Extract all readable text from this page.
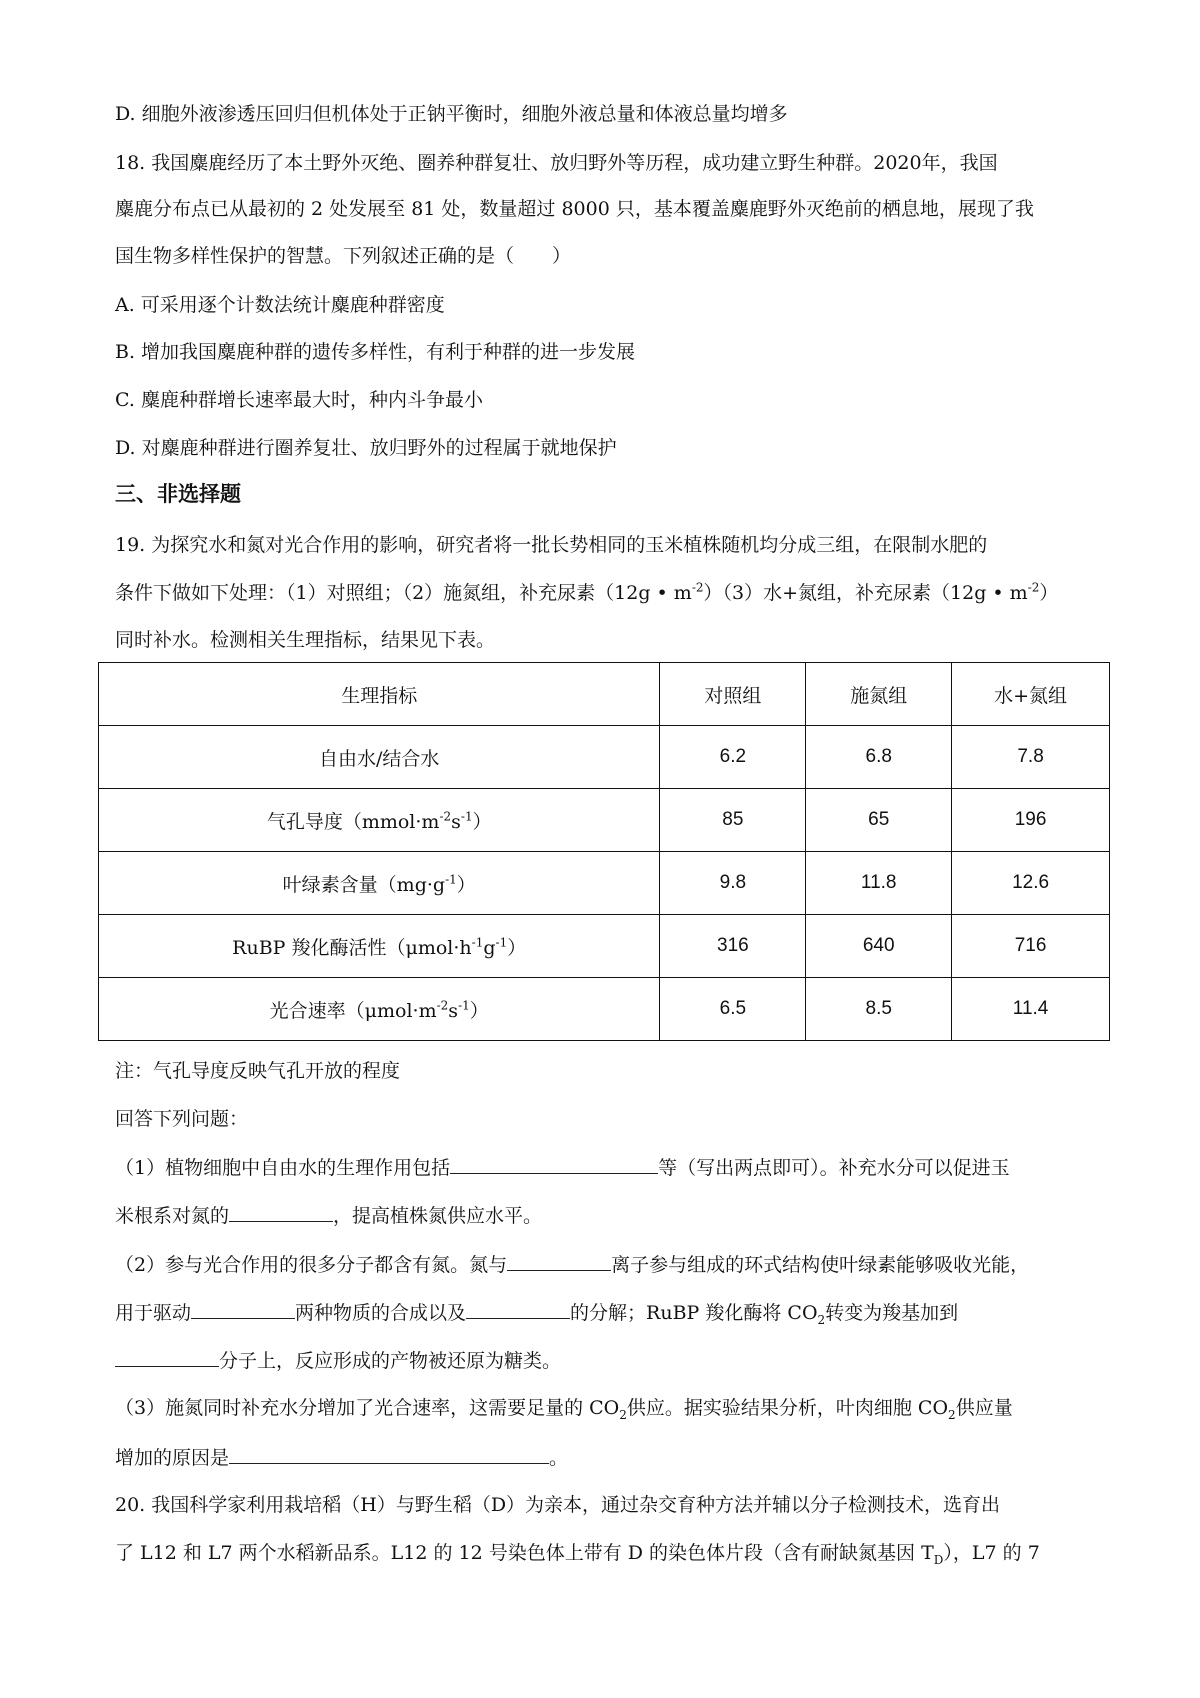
D. 细胞外液渗透压回归但机体处于正钠平衡时，细胞外液总量和体液总量均增多
18. 我国麋鹿经历了本土野外灭绝、圈养种群复壮、放归野外等历程，成功建立野生种群。2020年，我国
麋鹿分布点已从最初的 2 处发展至 81 处，数量超过 8000 只，基本覆盖麋鹿野外灭绝前的栖息地，展现了我
国生物多样性保护的智慧。下列叙述正确的是（　　）
A. 可采用逐个计数法统计麋鹿种群密度
B. 增加我国麋鹿种群的遗传多样性，有利于种群的进一步发展
C. 麋鹿种群增长速率最大时，种内斗争最小
D. 对麋鹿种群进行圈养复壮、放归野外的过程属于就地保护
三、非选择题
19. 为探究水和氮对光合作用的影响，研究者将一批长势相同的玉米植株随机均分成三组，在限制水肥的
条件下做如下处理：（1）对照组；（2）施氮组，补充尿素（12g • $m^{-2})(3)$水+氮组，补充尿素（12g • $m^{-2}$）
同时补水。检测相关生理指标，结果见下表。
生理指标	对照组	施氮组	水+氮组
自由水/结合水	6.2	6.8	7.8
气孔导度$(mmol\cdot m^{-2}s^{-1})$	85	65	196
叶绿素含量$(mg\cdot g^{-1})$	9.8	11.8	12.6
RuBP 羧化酶活性$(\mu mol\cdot h^{-1}g^{-1})$	316	640	716
光合速率$(\mu mol\cdot m^{-2}s^{-1})$	6.5	8.5	11.4
注：气孔导度反映气孔开放的程度
回答下列问题：
（1）植物细胞中自由水的生理作用包括	等（写出两点即可）。补充水分可以促进玉
米根系对氮的	，提高植株氮供应水平。
（2）参与光合作用的很多分子都含有氮。氮与	离子参与组成的环式结构使叶绿素能够吸收光能，
用于驱动	两种物质的合成以及	的分解；RuBP 羧化酶将 $CO_2$转变为羧基加到
分子上，反应形成的产物被还原为糖类。
（3）施氮同时补充水分增加了光合速率，这需要足量的 $CO_2$供应。据实验结果分析，叶肉细胞 $CO_2$供应量
增加的原因是	。
20. 我国科学家利用栽培稻（H）与野生稻（D）为亲本，通过杂交育种方法并辅以分子检测技术，选育出
了 L12 和 L7 两个水稻新品系。L12 的 12 号染色体上带有 D 的染色体片段（含有耐缺氮基因 $T_D$），L7 的 7
